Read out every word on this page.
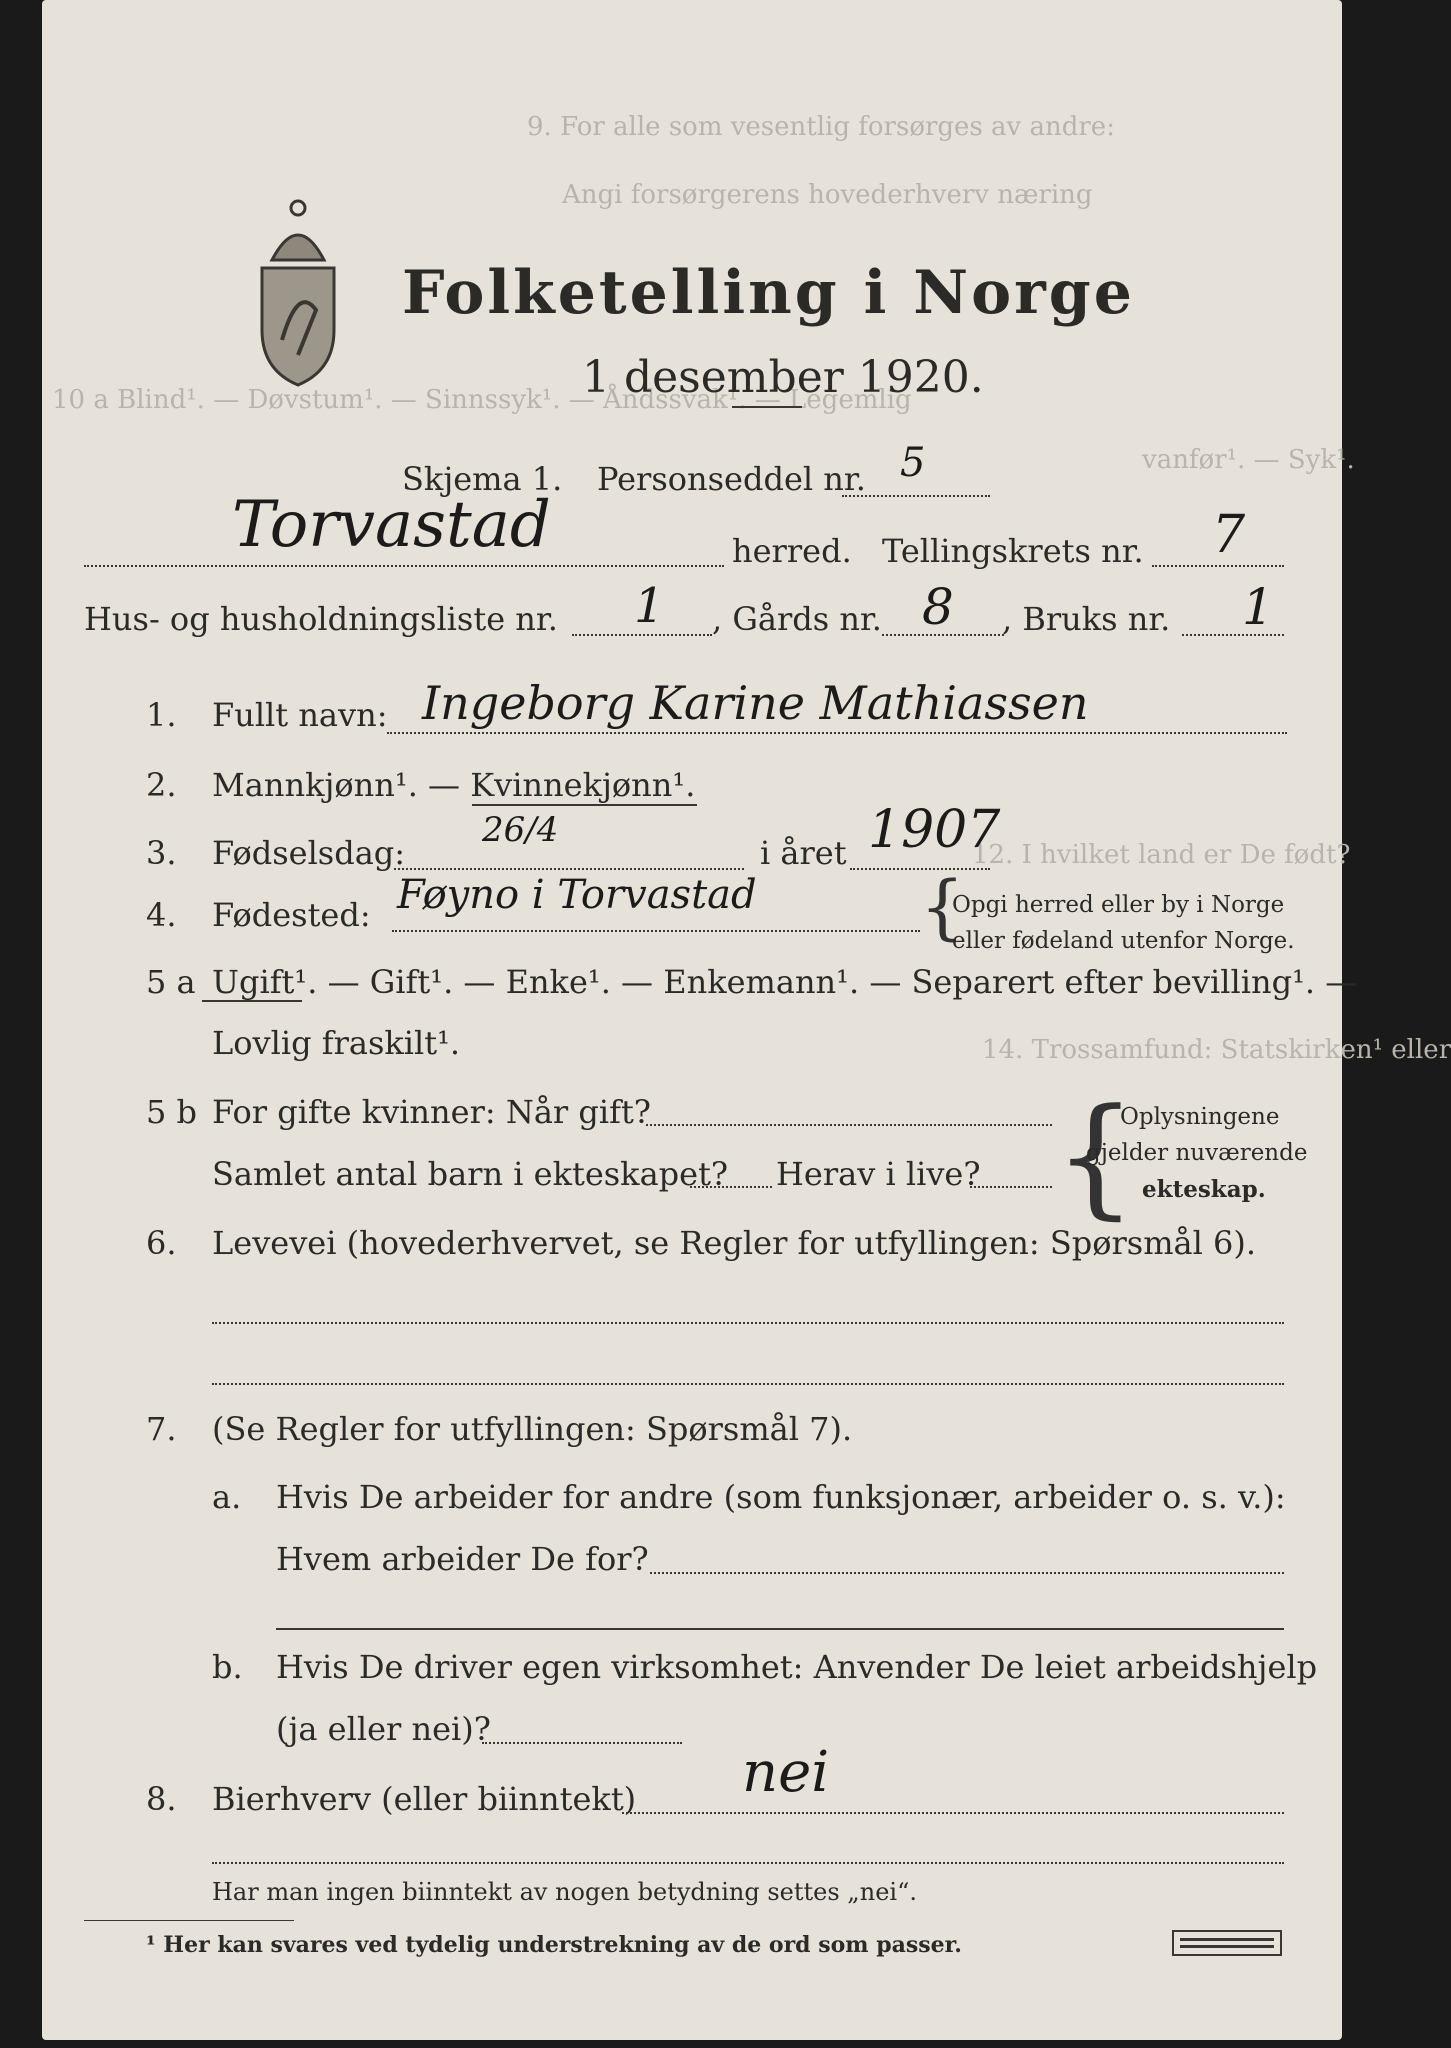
9. For alle som vesentlig forsørges av andre:
Angi forsørgerens hovederhverv næring
10 a Blind¹. — Døvstum¹. — Sinnssyk¹. — Åndssvak¹. — Legemlig
vanfør¹. — Syk¹.
12. I hvilket land er De født?
14. Trossamfund: Statskirken¹ eller
Folketelling i Norge
1 desember 1920.
Skjema 1. Personseddel nr. 5
Torvastad	herred. Tellingskrets nr. 7
Hus- og husholdningsliste nr. 1 , Gårds nr. 8 , Bruks nr. 1
1. Fullt navn: Ingeborg Karine Mathiassen
2. Mannkjønn¹. — Kvinnekjønn¹.
3. Fødselsdag:
26/4
i året 1907
4. Fødested: Føyno i Torvastad {
Opgi herred eller by i Norge
eller fødeland utenfor Norge.
5 a Ugift¹. — Gift¹. — Enke¹. — Enkemann¹. — Separert efter bevilling¹. —
Lovlig fraskilt¹.
5 b For gifte kvinner: Når gift?
Samlet antal barn i ekteskapet? Herav i live? {
Oplysningene
gjelder nuværende
ekteskap.
6. Levevei (hovederhvervet, se Regler for utfyllingen: Spørsmål 6).
7. (Se Regler for utfyllingen: Spørsmål 7).
a. Hvis De arbeider for andre (som funksjonær, arbeider o. s. v.):
Hvem arbeider De for?
b. Hvis De driver egen virksomhet: Anvender De leiet arbeidshjelp
(ja eller nei)?
8. Bierhverv (eller biinntekt) nei
Har man ingen biinntekt av nogen betydning settes „nei“.
¹ Her kan svares ved tydelig understrekning av de ord som passer.
